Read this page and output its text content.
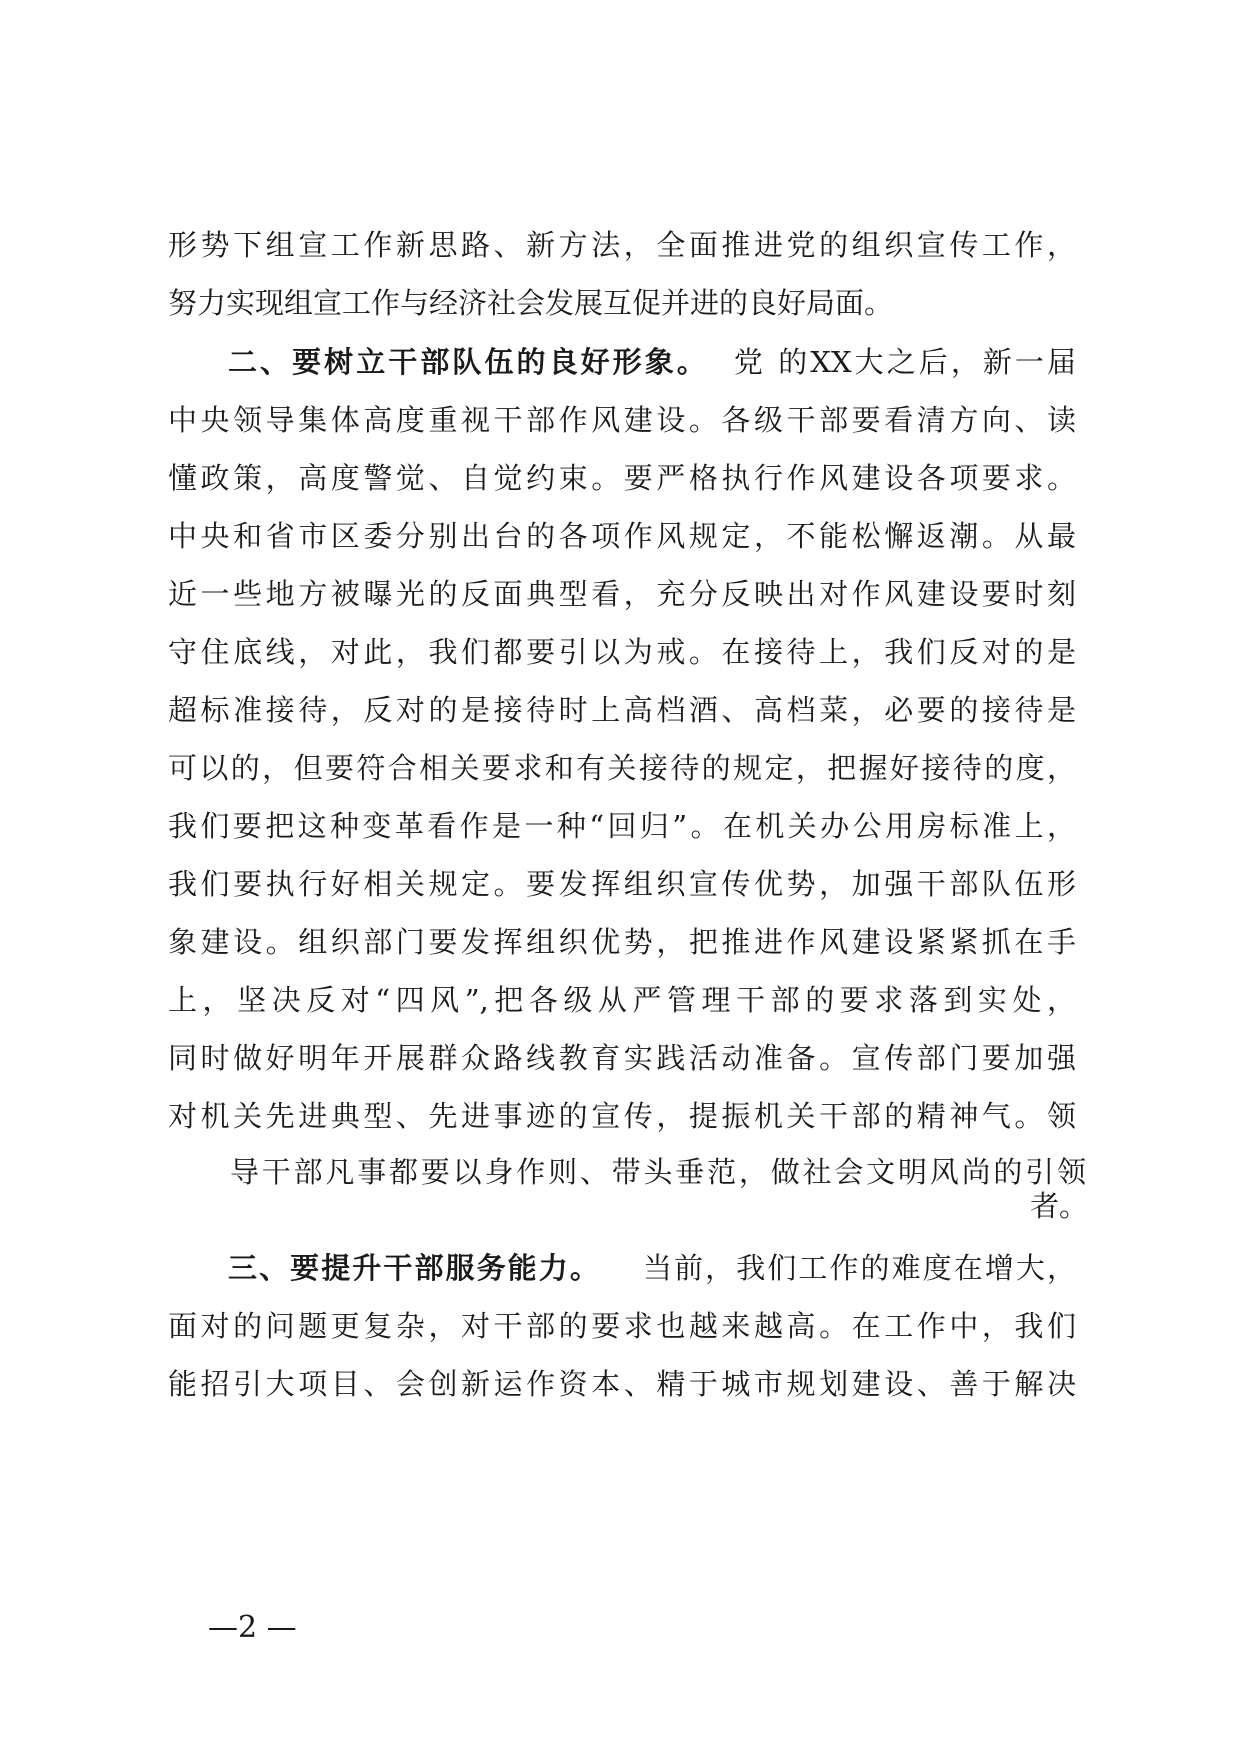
形势下组宣工作新思路、新方法，全面推进党的组织宣传工作，
努力实现组宣工作与经济社会发展互促并进的良好局面。
二、要树立干部队伍的良好形象。 党 的XX大之后，新一届
中央领导集体高度重视干部作风建设。各级干部要看清方向、读
懂政策，高度警觉、自觉约束。要严格执行作风建设各项要求。
中央和省市区委分别出台的各项作风规定，不能松懈返潮。从最
近一些地方被曝光的反面典型看，充分反映出对作风建设要时刻
守住底线，对此，我们都要引以为戒。在接待上，我们反对的是
超标准接待，反对的是接待时上高档酒、高档菜，必要的接待是
可以的，但要符合相关要求和有关接待的规定，把握好接待的度，
我们要把这种变革看作是一种“回归”。在机关办公用房标准上，
我们要执行好相关规定。要发挥组织宣传优势，加强干部队伍形
象建设。组织部门要发挥组织优势，把推进作风建设紧紧抓在手
上，坚决反对“四风”,把各级从严管理干部的要求落到实处，
同时做好明年开展群众路线教育实践活动准备。宣传部门要加强
对机关先进典型、先进事迹的宣传，提振机关干部的精神气。领
导干部凡事都要以身作则、带头垂范，做社会文明风尚的引领
者。
三、要提升干部服务能力。 当前，我们工作的难度在增大，
面对的问题更复杂，对干部的要求也越来越高。在工作中，我们
能招引大项目、会创新运作资本、精于城市规划建设、善于解决
—2 —
